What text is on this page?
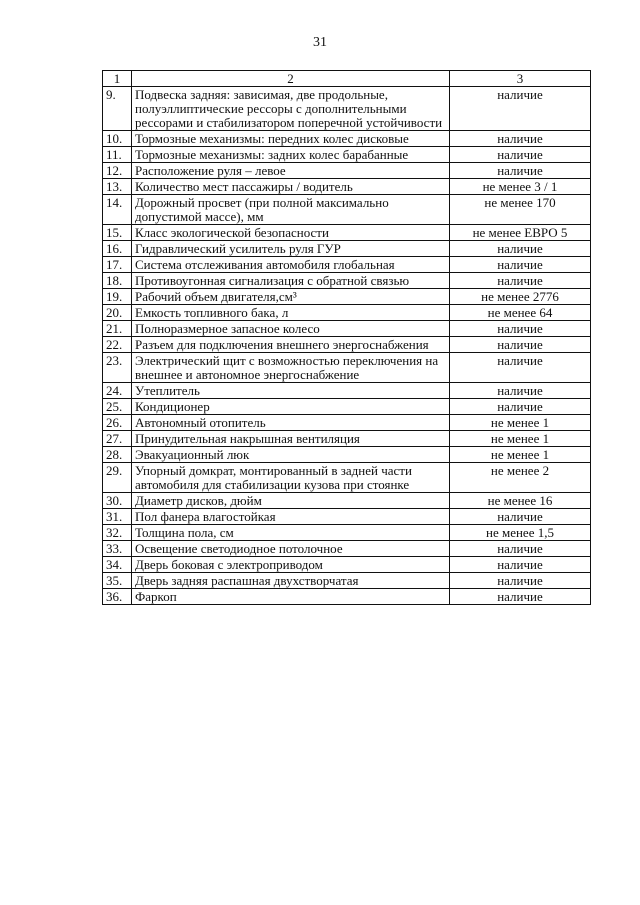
31
1	2	3
9.	Подвеска задняя: зависимая, две продольные, полуэллиптические рессоры с дополнительными рессорами и стабилизатором поперечной устойчивости	наличие
10.	Тормозные механизмы: передних колес дисковые	наличие
11.	Тормозные механизмы: задних колес барабанные	наличие
12.	Расположение руля – левое	наличие
13.	Количество мест пассажиры / водитель	не менее 3 / 1
14.	Дорожный просвет (при полной максимально допустимой массе), мм	не менее 170
15.	Класс экологической безопасности	не менее ЕВРО 5
16.	Гидравлический усилитель руля ГУР	наличие
17.	Система отслеживания автомобиля глобальная	наличие
18.	Противоугонная сигнализация с обратной связью	наличие
19.	Рабочий объем двигателя,см³	не менее 2776
20.	Емкость топливного бака, л	не менее 64
21.	Полноразмерное запасное колесо	наличие
22.	Разъем для подключения внешнего энергоснабжения	наличие
23.	Электрический щит с возможностью переключения на внешнее и автономное энергоснабжение	наличие
24.	Утеплитель	наличие
25.	Кондиционер	наличие
26.	Автономный отопитель	не менее 1
27.	Принудительная накрышная вентиляция	не менее 1
28.	Эвакуационный люк	не менее 1
29.	Упорный домкрат, монтированный в задней части автомобиля для стабилизации кузова при стоянке	не менее 2
30.	Диаметр дисков, дюйм	не менее 16
31.	Пол фанера влагостойкая	наличие
32.	Толщина пола, см	не менее 1,5
33.	Освещение светодиодное потолочное	наличие
34.	Дверь боковая с электроприводом	наличие
35.	Дверь задняя распашная двухстворчатая	наличие
36.	Фаркоп	наличие
